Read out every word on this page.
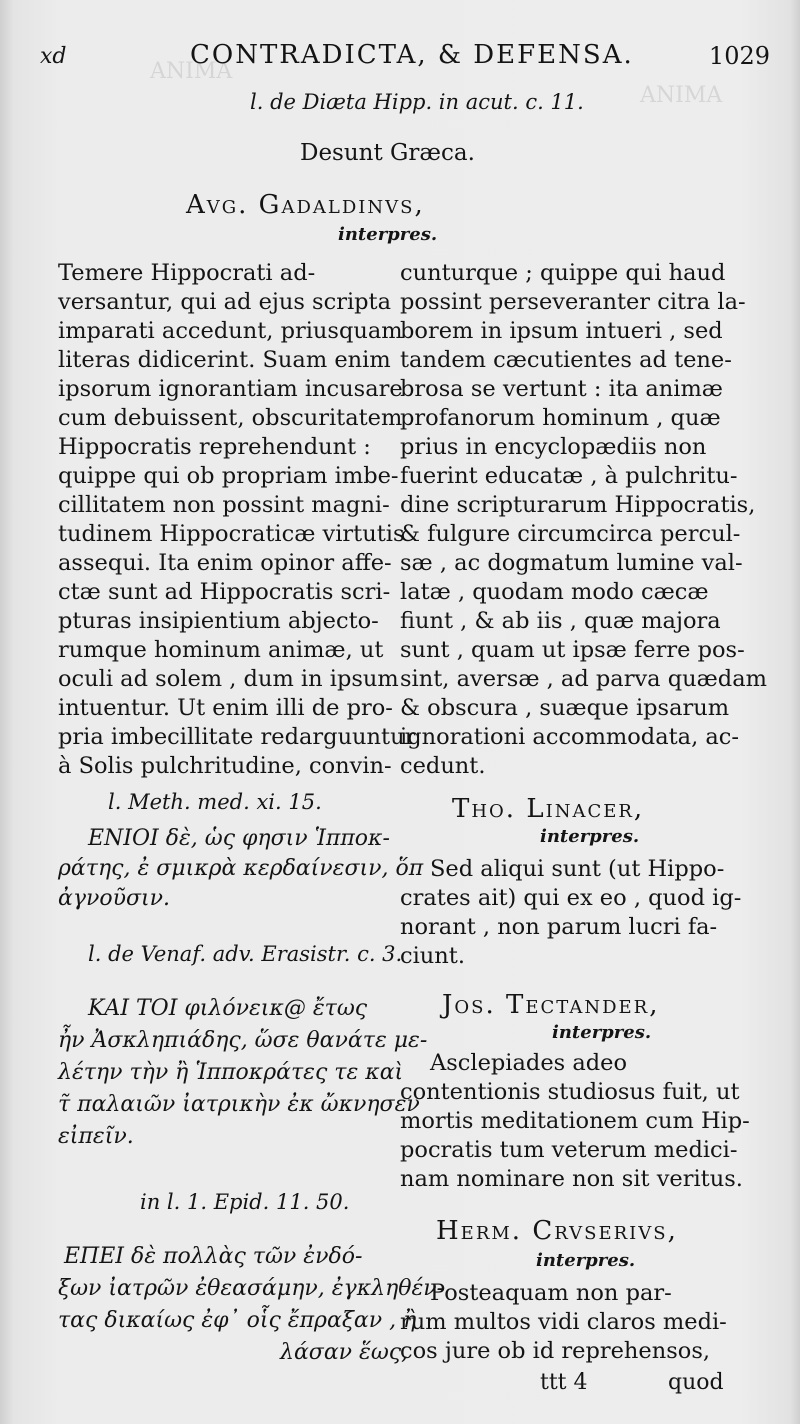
ANIMA
ANIMA
xd	CONTRADICTA, & DEFENSA.	1029
l. de Diæta Hipp. in acut. c. 11.
Desunt Græca.
Avg. Gadaldinvs,
interpres.
Temere Hippocrati ad-
versantur, qui ad ejus scripta
imparati accedunt, priusquam
literas didicerint. Suam enim
ipsorum ignorantiam incusare
cum debuissent, obscuritatem
Hippocratis reprehendunt :
quippe qui ob propriam imbe-
cillitatem non possint magni-
tudinem Hippocraticæ virtutis
assequi. Ita enim opinor affe-
ctæ sunt ad Hippocratis scri-
pturas insipientium abjecto-
rumque hominum animæ, ut
oculi ad solem , dum in ipsum
intuentur. Ut enim illi de pro-
pria imbecillitate redarguuntur
à Solis pulchritudine, convin-
l. Meth. med. xi. 15.
ΕΝΙΟΙ δὲ, ὡς φησιν Ἱπποκ-
ράτης, ἐ σμικρὰ κερδαίνεσιν, ὅπ
ἀγνοῦσιν.
l. de Venaf. adv. Erasistr. c. 3.
ΚΑΙ ΤΟΙ φιλόνεικ@ ἔτως
ἦν Ἀσκληπιάδης, ὥσε θανάτε με-
λέτην τὴν ἢ Ἱπποκράτες τε καὶ
τ̃ παλαιῶν ἰατρικὴν ἐκ ὤκνησεν
εἰπεῖν.
in l. 1. Epid. 11. 50.
ΕΠΕΙ δὲ πολλὰς τῶν ἐνδό-
ξων ἰατρῶν ἐθεασάμην, ἐγκληθέν-
τας δικαίως ἐφ᾽ οἷς ἔπραξαν , ἢ
λάσαν ἕως,
cunturque ; quippe qui haud
possint perseveranter citra la-
borem in ipsum intueri , sed
tandem cæcutientes ad tene-
brosa se vertunt : ita animæ
profanorum hominum , quæ
prius in encyclopædiis non
fuerint educatæ , à pulchritu-
dine scripturarum Hippocratis,
& fulgure circumcirca percul-
sæ , ac dogmatum lumine val-
latæ , quodam modo cæcæ
fiunt , & ab iis , quæ majora
sunt , quam ut ipsæ ferre pos-
sint, aversæ , ad parva quædam
& obscura , suæque ipsarum
ignorationi accommodata, ac-
cedunt.
Tho. Linacer,
interpres.
Sed aliqui sunt (ut Hippo-
crates ait) qui ex eo , quod ig-
norant , non parum lucri fa-
ciunt.
Jos. Tectander,
interpres.
Asclepiades adeo
contentionis studiosus fuit, ut
mortis meditationem cum Hip-
pocratis tum veterum medici-
nam nominare non sit veritus.
Herm. Crvserivs,
interpres.
Posteaquam non par-
rum multos vidi claros medi-
cos jure ob id reprehensos,
ttt 4	quod
